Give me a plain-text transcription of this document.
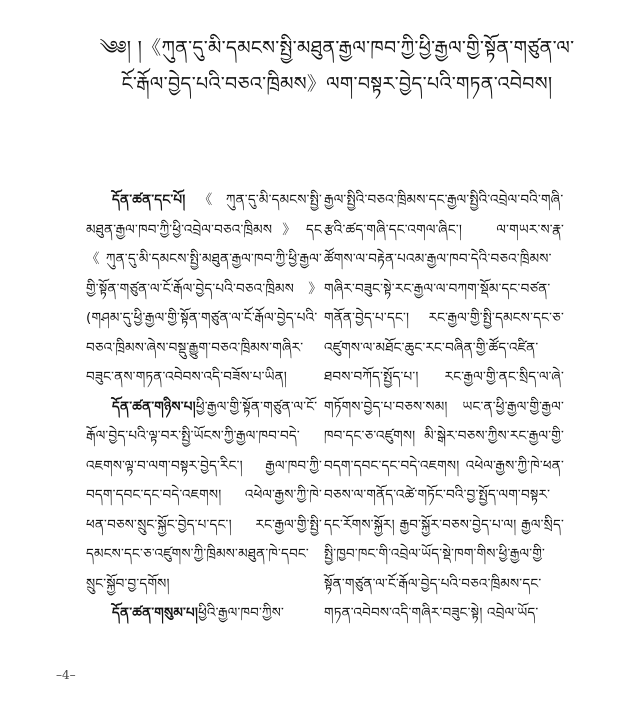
༄༅། །《ཀུན་དུ་མི་དམངས་སྤྱི་མཐུན་རྒྱལ་ཁབ་ཀྱི་ཕྱི་རྒྱལ་གྱི་སྟོན་གཙུན་ལ་
ངོ་རྒོལ་བྱེད་པའི་བཅའ་ཁྲིམས》ལག་བསྟར་བྱེད་པའི་གཏན་འབེབས།

དོན་ཚན་དང་པོ།《ཀུན་དུ་མི་དམངས་སྤྱི་མཐུན་རྒྱལ་ཁབ་ཀྱི་ཕྱི་འབྲེལ་བཅའ་ཁྲིམས》དང《ཀུན་དུ་མི་དམངས་སྤྱི་མཐུན་རྒྱལ་ཁབ་ཀྱི་ཕྱི་རྒྱལ་གྱི་སྟོན་གཙུན་ལ་ངོ་རྒོལ་བྱེད་པའི་བཅའ་ཁྲིམས》(གཤམ་དུ་ཕྱི་རྒྱལ་གྱི་སྟོན་གཙུན་ལ་ངོ་རྒོལ་བྱེད་པའི་བཅའ་ཁྲིམས་ཞེས་བསྡུ་རྒྱུག་བཅའ་ཁྲིམས་གཞིར་བཟུང་ནས་གཏན་འབེབས་འདི་བཟོས་པ་ཡིན།

དོན་ཚན་གཉིས་པ།ཕྱི་རྒྱལ་གྱི་སྟོན་གཙུན་ལ་ངོ་རྒོལ་བྱེད་པའི་ལྟ་བར་སྤྱི་ཡོངས་ཀྱི་རྒྱལ་ཁབ་བདེ་འཇགས་ལྟ་བ་ལག་བསྟར་བྱེད་རིང་། རྒྱལ་ཁབ་ཀྱི་བདག་དབང་དང་བདེ་འཇགས། འཕེལ་རྒྱས་ཀྱི་ཁེ་ཕན་བཅས་སྲུང་སྐྱོང་བྱེད་པ་དང་། རང་རྒྱལ་གྱི་སྤྱི་དམངས་དང་ཅ་འཛུགས་ཀྱི་ཁྲིམས་མཐུན་ཁེ་དབང་སྲུང་སྐྱོབ་བྱ་དགོས།

དོན་ཚན་གསུམ་པ།ཕྱིའི་རྒྱལ་ཁབ་ཀྱིས་

རྒྱལ་སྤྱིའི་བཅའ་ཁྲིམས་དང་རྒྱལ་སྤྱིའི་འབྲེལ་བའི་གཞི་རྩའི་ཚད་གཞི་དང་འགལ་ཞིང་། ལ་གཡར་ས་རྣ་ཚོགས་ལ་བརྟེན་པའམ་རྒྱལ་ཁབ་དེའི་བཅའ་ཁྲིམས་གཞིར་བཟུང་སྟེ་རང་རྒྱལ་ལ་བཀག་སྡོམ་དང་བཙན་གནོན་བྱེད་པ་དང་། རང་རྒྱལ་གྱི་སྤྱི་དམངས་དང་ཅ་འཛུགས་ལ་མཐོང་ཆུང་རང་བཞིན་གྱི་ཚོད་འཛིན་ཐབས་བཀོད་སྤྱོད་པ་། རང་རྒྱལ་གྱི་ནང་སྲིད་ལ་ཞེ་གཏོགས་བྱེད་པ་བཅས་སམ། ཡང་ན་ཕྱི་རྒྱལ་གྱི་རྒྱལ་ཁབ་དང་ཅ་འཛུགས། མི་སྒེར་བཅས་ཀྱིས་རང་རྒྱལ་གྱི་བདག་དབང་དང་བདེ་འཇགས། འཕེལ་རྒྱས་ཀྱི་ཁེ་ཕན་བཅས་ལ་གནོད་འཚེ་གཏོང་བའི་བྱ་སྤྱོད་ལག་བསྟར་དང་རོགས་སྐྱོར། རྒྱབ་སྐྱོར་བཅས་བྱེད་པ་ལ། རྒྱལ་སྲིད་སྤྱི་ཁྱབ་ཁང་གི་འབྲེལ་ཡོད་སྡེ་ཁག་གིས་ཕྱི་རྒྱལ་གྱི་སྟོན་གཙུན་ལ་ངོ་རྒོལ་བྱེད་པའི་བཅའ་ཁྲིམས་དང་གཏན་འབེབས་འདི་གཞིར་བཟུང་སྟེ། འབྲེལ་ཡོད་

–4–
